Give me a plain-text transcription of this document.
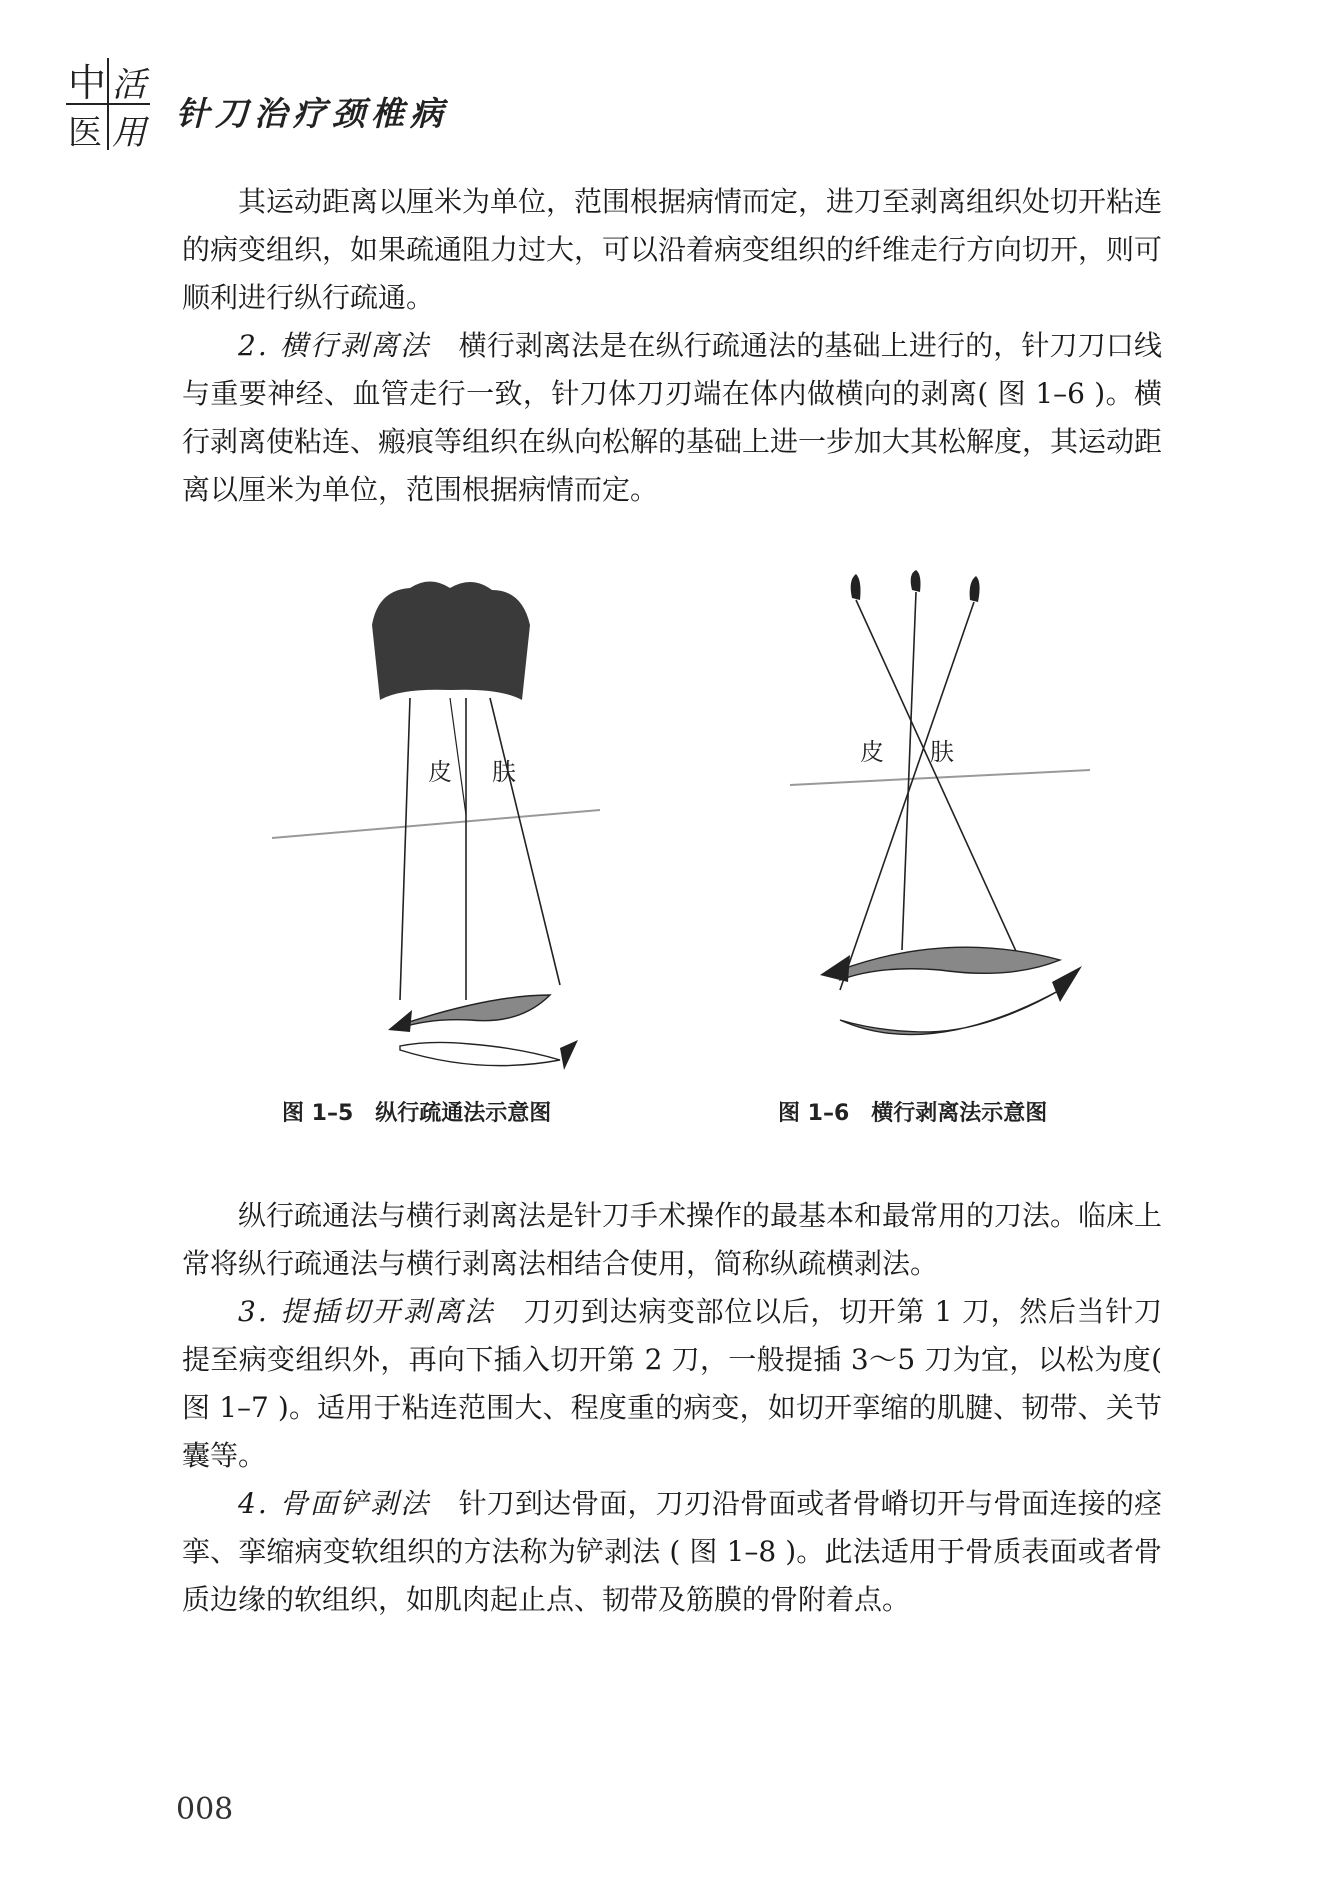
中 活
医 用 针刀治疗颈椎病

其运动距离以厘米为单位，范围根据病情而定，进刀至剥离组织处切开粘连的病变组织，如果疏通阻力过大，可以沿着病变组织的纤维走行方向切开，则可顺利进行纵行疏通。

2. 横行剥离法　 横行剥离法是在纵行疏通法的基础上进行的，针刀刀口线与重要神经、血管走行一致，针刀体刀刃端在体内做横向的剥离( 图 1–6 )。横行剥离使粘连、瘢痕等组织在纵向松解的基础上进一步加大其松解度，其运动距离以厘米为单位，范围根据病情而定。

皮 肤
图 1–5　纵行疏通法示意图
皮 肤
图 1–6　横行剥离法示意图

纵行疏通法与横行剥离法是针刀手术操作的最基本和最常用的刀法。临床上常将纵行疏通法与横行剥离法相结合使用，简称纵疏横剥法。

3. 提插切开剥离法　 刀刃到达病变部位以后，切开第 1 刀，然后当针刀提至病变组织外，再向下插入切开第 2 刀，一般提插 3～5 刀为宜，以松为度( 图 1–7 )。适用于粘连范围大、程度重的病变，如切开挛缩的肌腱、韧带、关节囊等。

4. 骨面铲剥法　 针刀到达骨面，刀刃沿骨面或者骨嵴切开与骨面连接的痉挛、挛缩病变软组织的方法称为铲剥法 ( 图 1–8 )。此法适用于骨质表面或者骨质边缘的软组织，如肌肉起止点、韧带及筋膜的骨附着点。

008
